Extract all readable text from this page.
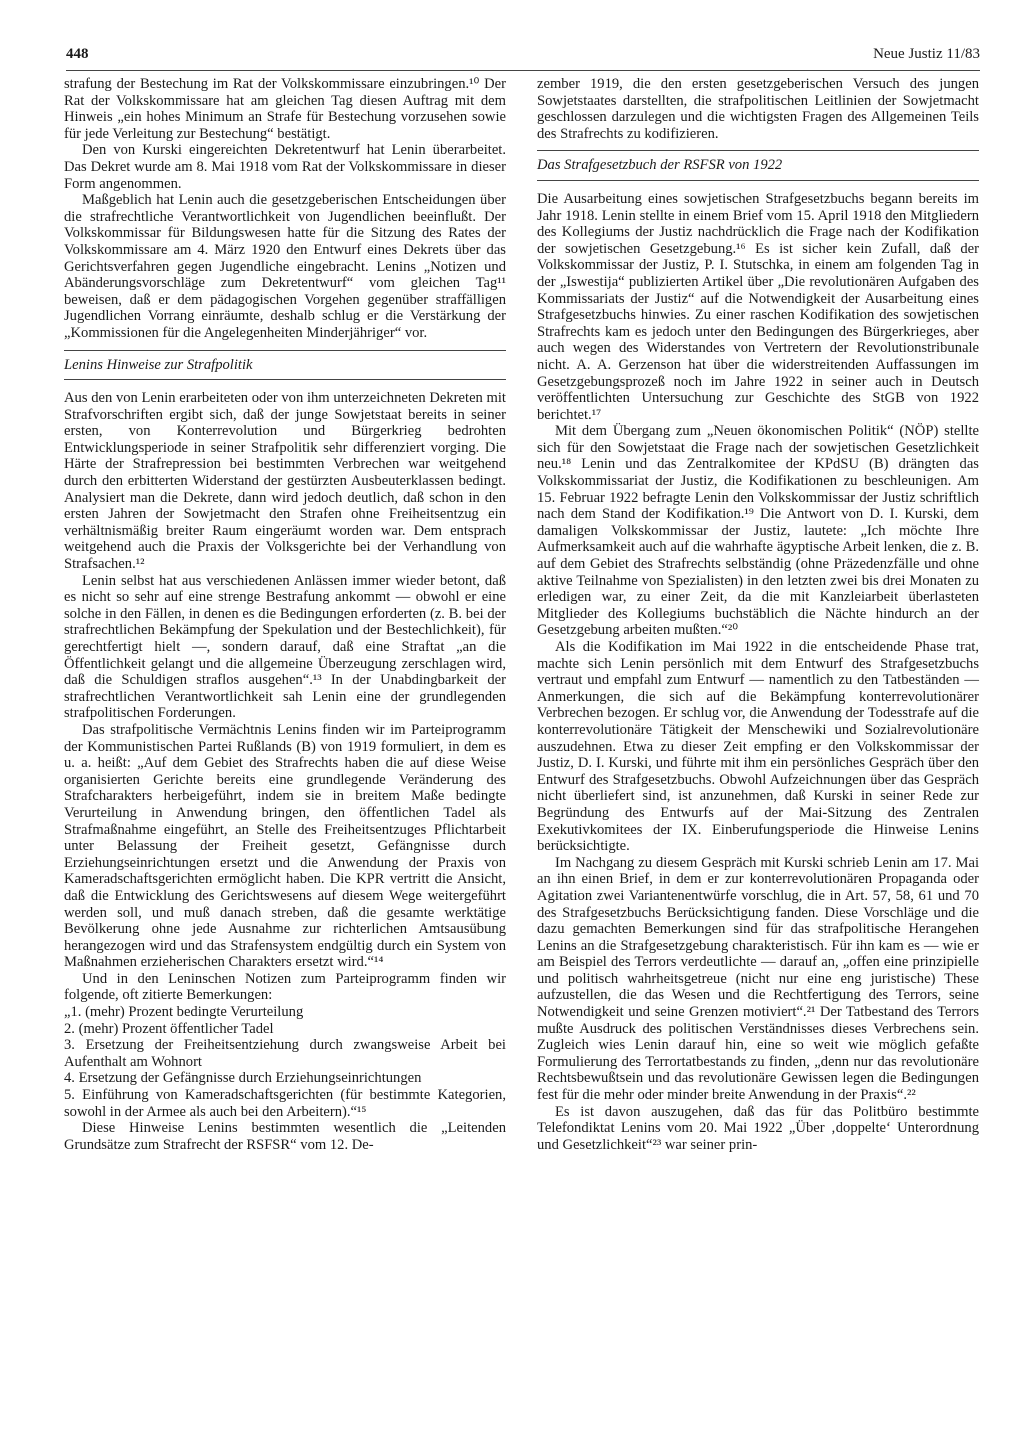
448	Neue Justiz 11/83

strafung der Bestechung im Rat der Volkskommissare einzubringen.¹⁰ Der Rat der Volkskommissare hat am gleichen Tag diesen Auftrag mit dem Hinweis „ein hohes Minimum an Strafe für Bestechung vorzusehen sowie für jede Verleitung zur Bestechung“ bestätigt.

Den von Kurski eingereichten Dekretentwurf hat Lenin überarbeitet. Das Dekret wurde am 8. Mai 1918 vom Rat der Volkskommissare in dieser Form angenommen.

Maßgeblich hat Lenin auch die gesetzgeberischen Entscheidungen über die strafrechtliche Verantwortlichkeit von Jugendlichen beeinflußt. Der Volkskommissar für Bildungswesen hatte für die Sitzung des Rates der Volkskommissare am 4. März 1920 den Entwurf eines Dekrets über das Gerichtsverfahren gegen Jugendliche eingebracht. Lenins „Notizen und Abänderungsvorschläge zum Dekretentwurf“ vom gleichen Tag¹¹ beweisen, daß er dem pädagogischen Vorgehen gegenüber straffälligen Jugendlichen Vorrang einräumte, deshalb schlug er die Verstärkung der „Kommissionen für die Angelegenheiten Minderjähriger“ vor.

Lenins Hinweise zur Strafpolitik

Aus den von Lenin erarbeiteten oder von ihm unterzeichneten Dekreten mit Strafvorschriften ergibt sich, daß der junge Sowjetstaat bereits in seiner ersten, von Konterrevolution und Bürgerkrieg bedrohten Entwicklungsperiode in seiner Strafpolitik sehr differenziert vorging. Die Härte der Strafrepression bei bestimmten Verbrechen war weitgehend durch den erbitterten Widerstand der gestürzten Ausbeuterklassen bedingt. Analysiert man die Dekrete, dann wird jedoch deutlich, daß schon in den ersten Jahren der Sowjetmacht den Strafen ohne Freiheitsentzug ein verhältnismäßig breiter Raum eingeräumt worden war. Dem entsprach weitgehend auch die Praxis der Volksgerichte bei der Verhandlung von Strafsachen.¹²

Lenin selbst hat aus verschiedenen Anlässen immer wieder betont, daß es nicht so sehr auf eine strenge Bestrafung ankommt — obwohl er eine solche in den Fällen, in denen es die Bedingungen erforderten (z. B. bei der strafrechtlichen Bekämpfung der Spekulation und der Bestechlichkeit), für gerechtfertigt hielt —, sondern darauf, daß eine Straftat „an die Öffentlichkeit gelangt und die allgemeine Überzeugung zerschlagen wird, daß die Schuldigen straflos ausgehen“.¹³ In der Unabdingbarkeit der strafrechtlichen Verantwortlichkeit sah Lenin eine der grundlegenden strafpolitischen Forderungen.

Das strafpolitische Vermächtnis Lenins finden wir im Parteiprogramm der Kommunistischen Partei Rußlands (B) von 1919 formuliert, in dem es u. a. heißt: „Auf dem Gebiet des Strafrechts haben die auf diese Weise organisierten Gerichte bereits eine grundlegende Veränderung des Strafcharakters herbeigeführt, indem sie in breitem Maße bedingte Verurteilung in Anwendung bringen, den öffentlichen Tadel als Strafmaßnahme eingeführt, an Stelle des Freiheitsentzuges Pflichtarbeit unter Belassung der Freiheit gesetzt, Gefängnisse durch Erziehungseinrichtungen ersetzt und die Anwendung der Praxis von Kameradschaftsgerichten ermöglicht haben. Die KPR vertritt die Ansicht, daß die Entwicklung des Gerichtswesens auf diesem Wege weitergeführt werden soll, und muß danach streben, daß die gesamte werktätige Bevölkerung ohne jede Ausnahme zur richterlichen Amtsausübung herangezogen wird und das Strafensystem endgültig durch ein System von Maßnahmen erzieherischen Charakters ersetzt wird.“¹⁴

Und in den Leninschen Notizen zum Parteiprogramm finden wir folgende, oft zitierte Bemerkungen:

„1. (mehr) Prozent bedingte Verurteilung

2. (mehr) Prozent öffentlicher Tadel

3. Ersetzung der Freiheitsentziehung durch zwangsweise Arbeit bei Aufenthalt am Wohnort

4. Ersetzung der Gefängnisse durch Erziehungseinrichtungen

5. Einführung von Kameradschaftsgerichten (für bestimmte Kategorien, sowohl in der Armee als auch bei den Arbeitern).“¹⁵

Diese Hinweise Lenins bestimmten wesentlich die „Leitenden Grundsätze zum Strafrecht der RSFSR“ vom 12. De-

zember 1919, die den ersten gesetzgeberischen Versuch des jungen Sowjetstaates darstellten, die strafpolitischen Leitlinien der Sowjetmacht geschlossen darzulegen und die wichtigsten Fragen des Allgemeinen Teils des Strafrechts zu kodifizieren.

Das Strafgesetzbuch der RSFSR von 1922

Die Ausarbeitung eines sowjetischen Strafgesetzbuchs begann bereits im Jahr 1918. Lenin stellte in einem Brief vom 15. April 1918 den Mitgliedern des Kollegiums der Justiz nachdrücklich die Frage nach der Kodifikation der sowjetischen Gesetzgebung.¹⁶ Es ist sicher kein Zufall, daß der Volkskommissar der Justiz, P. I. Stutschka, in einem am folgenden Tag in der „Iswestija“ publizierten Artikel über „Die revolutionären Aufgaben des Kommissariats der Justiz“ auf die Notwendigkeit der Ausarbeitung eines Strafgesetzbuchs hinwies. Zu einer raschen Kodifikation des sowjetischen Strafrechts kam es jedoch unter den Bedingungen des Bürgerkrieges, aber auch wegen des Widerstandes von Vertretern der Revolutionstribunale nicht. A. A. Gerzenson hat über die widerstreitenden Auffassungen im Gesetzgebungsprozeß noch im Jahre 1922 in seiner auch in Deutsch veröffentlichten Untersuchung zur Geschichte des StGB von 1922 berichtet.¹⁷

Mit dem Übergang zum „Neuen ökonomischen Politik“ (NÖP) stellte sich für den Sowjetstaat die Frage nach der sowjetischen Gesetzlichkeit neu.¹⁸ Lenin und das Zentralkomitee der KPdSU (B) drängten das Volkskommissariat der Justiz, die Kodifikationen zu beschleunigen. Am 15. Februar 1922 befragte Lenin den Volkskommissar der Justiz schriftlich nach dem Stand der Kodifikation.¹⁹ Die Antwort von D. I. Kurski, dem damaligen Volkskommissar der Justiz, lautete: „Ich möchte Ihre Aufmerksamkeit auch auf die wahrhafte ägyptische Arbeit lenken, die z. B. auf dem Gebiet des Strafrechts selbständig (ohne Präzedenzfälle und ohne aktive Teilnahme von Spezialisten) in den letzten zwei bis drei Monaten zu erledigen war, zu einer Zeit, da die mit Kanzleiarbeit überlasteten Mitglieder des Kollegiums buchstäblich die Nächte hindurch an der Gesetzgebung arbeiten mußten.“²⁰

Als die Kodifikation im Mai 1922 in die entscheidende Phase trat, machte sich Lenin persönlich mit dem Entwurf des Strafgesetzbuchs vertraut und empfahl zum Entwurf — namentlich zu den Tatbeständen — Anmerkungen, die sich auf die Bekämpfung konterrevolutionärer Verbrechen bezogen. Er schlug vor, die Anwendung der Todesstrafe auf die konterrevolutionäre Tätigkeit der Menschewiki und Sozialrevolutionäre auszudehnen. Etwa zu dieser Zeit empfing er den Volkskommissar der Justiz, D. I. Kurski, und führte mit ihm ein persönliches Gespräch über den Entwurf des Strafgesetzbuchs. Obwohl Aufzeichnungen über das Gespräch nicht überliefert sind, ist anzunehmen, daß Kurski in seiner Rede zur Begründung des Entwurfs auf der Mai-Sitzung des Zentralen Exekutivkomitees der IX. Einberufungsperiode die Hinweise Lenins berücksichtigte.

Im Nachgang zu diesem Gespräch mit Kurski schrieb Lenin am 17. Mai an ihn einen Brief, in dem er zur konterrevolutionären Propaganda oder Agitation zwei Variantenentwürfe vorschlug, die in Art. 57, 58, 61 und 70 des Strafgesetzbuchs Berücksichtigung fanden. Diese Vorschläge und die dazu gemachten Bemerkungen sind für das strafpolitische Herangehen Lenins an die Strafgesetzgebung charakteristisch. Für ihn kam es — wie er am Beispiel des Terrors verdeutlichte — darauf an, „offen eine prinzipielle und politisch wahrheitsgetreue (nicht nur eine eng juristische) These aufzustellen, die das Wesen und die Rechtfertigung des Terrors, seine Notwendigkeit und seine Grenzen motiviert“.²¹ Der Tatbestand des Terrors mußte Ausdruck des politischen Verständnisses dieses Verbrechens sein. Zugleich wies Lenin darauf hin, eine so weit wie möglich gefaßte Formulierung des Terrortatbestands zu finden, „denn nur das revolutionäre Rechtsbewußtsein und das revolutionäre Gewissen legen die Bedingungen fest für die mehr oder minder breite Anwendung in der Praxis“.²²

Es ist davon auszugehen, daß das für das Politbüro bestimmte Telefondiktat Lenins vom 20. Mai 1922 „Über ‚doppelte‘ Unterordnung und Gesetzlichkeit“²³ war seiner prin-
